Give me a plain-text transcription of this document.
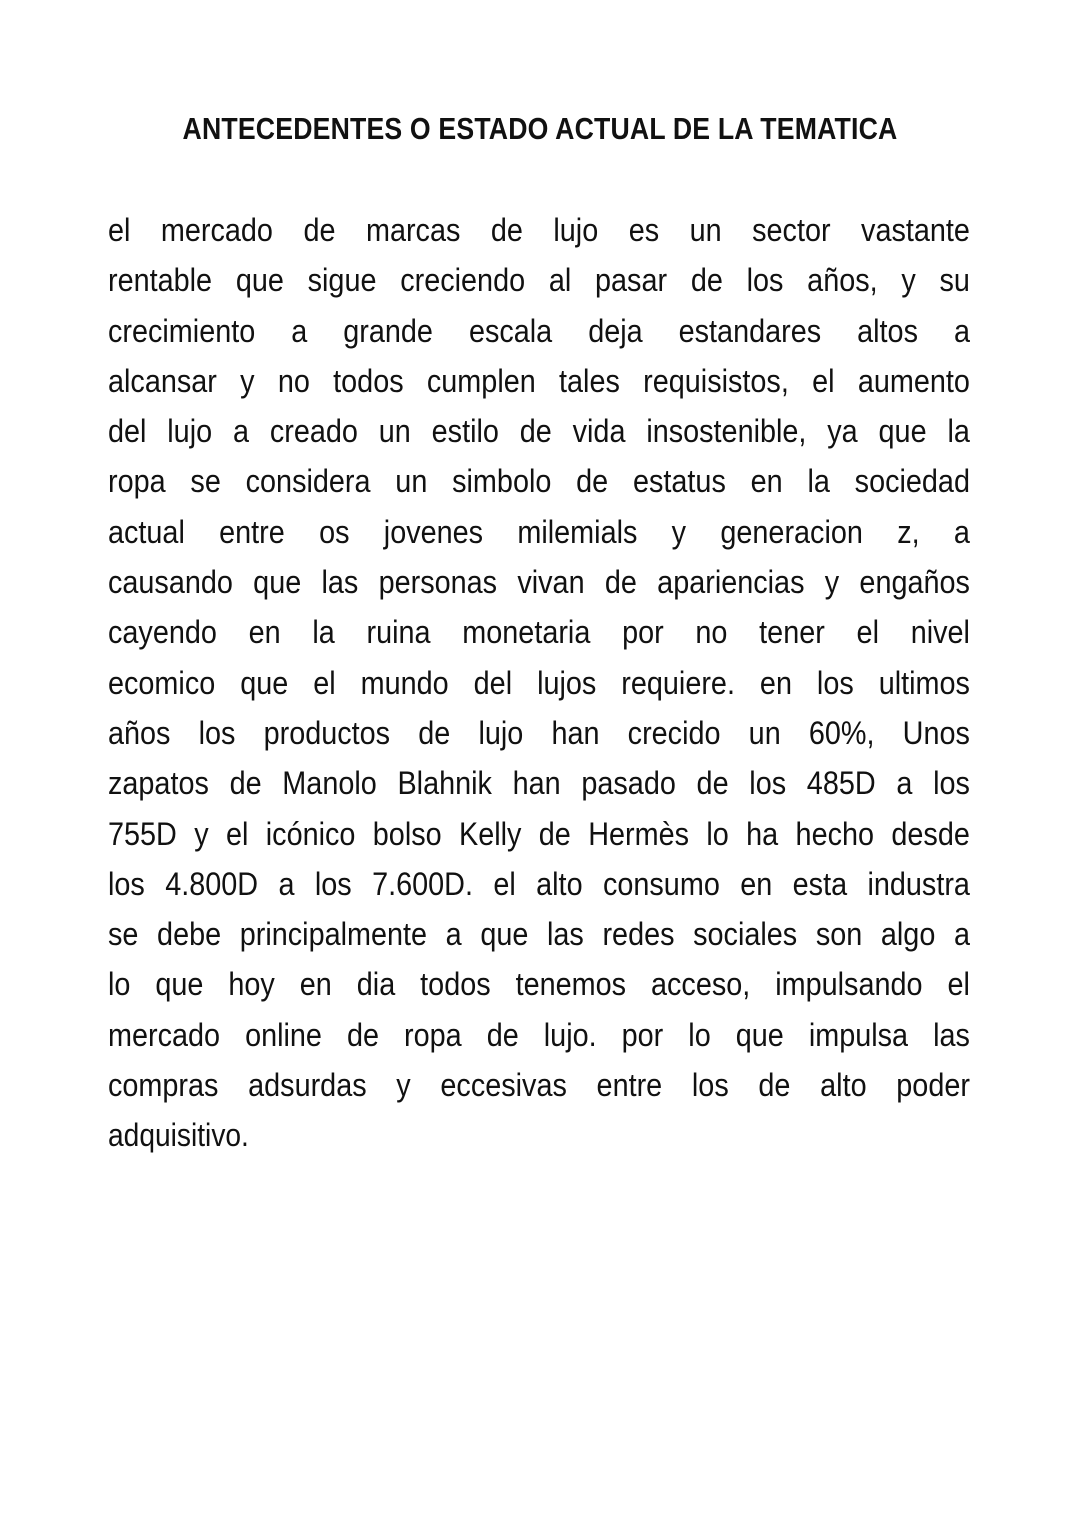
ANTECEDENTES O ESTADO ACTUAL DE LA TEMATICA
el mercado de marcas de lujo es un sector vastante
rentable que sigue creciendo al pasar de los años, y su
crecimiento a grande escala deja estandares altos a
alcansar y no todos cumplen tales requisistos, el aumento
del lujo a creado un estilo de vida insostenible, ya que la
ropa se considera un simbolo de estatus en la sociedad
actual entre os jovenes milemials y generacion z, a
causando que las personas vivan de apariencias y engaños
cayendo en la ruina monetaria por no tener el nivel
ecomico que el mundo del lujos requiere. en los ultimos
años los productos de lujo han crecido un 60%, Unos
zapatos de Manolo Blahnik han pasado de los 485D a los
755D y el icónico bolso Kelly de Hermès lo ha hecho desde
los 4.800D a los 7.600D. el alto consumo en esta industra
se debe principalmente a que las redes sociales son algo a
lo que hoy en dia todos tenemos acceso, impulsando el
mercado online de ropa de lujo. por lo que impulsa las
compras adsurdas y eccesivas entre los de alto poder
adquisitivo.
